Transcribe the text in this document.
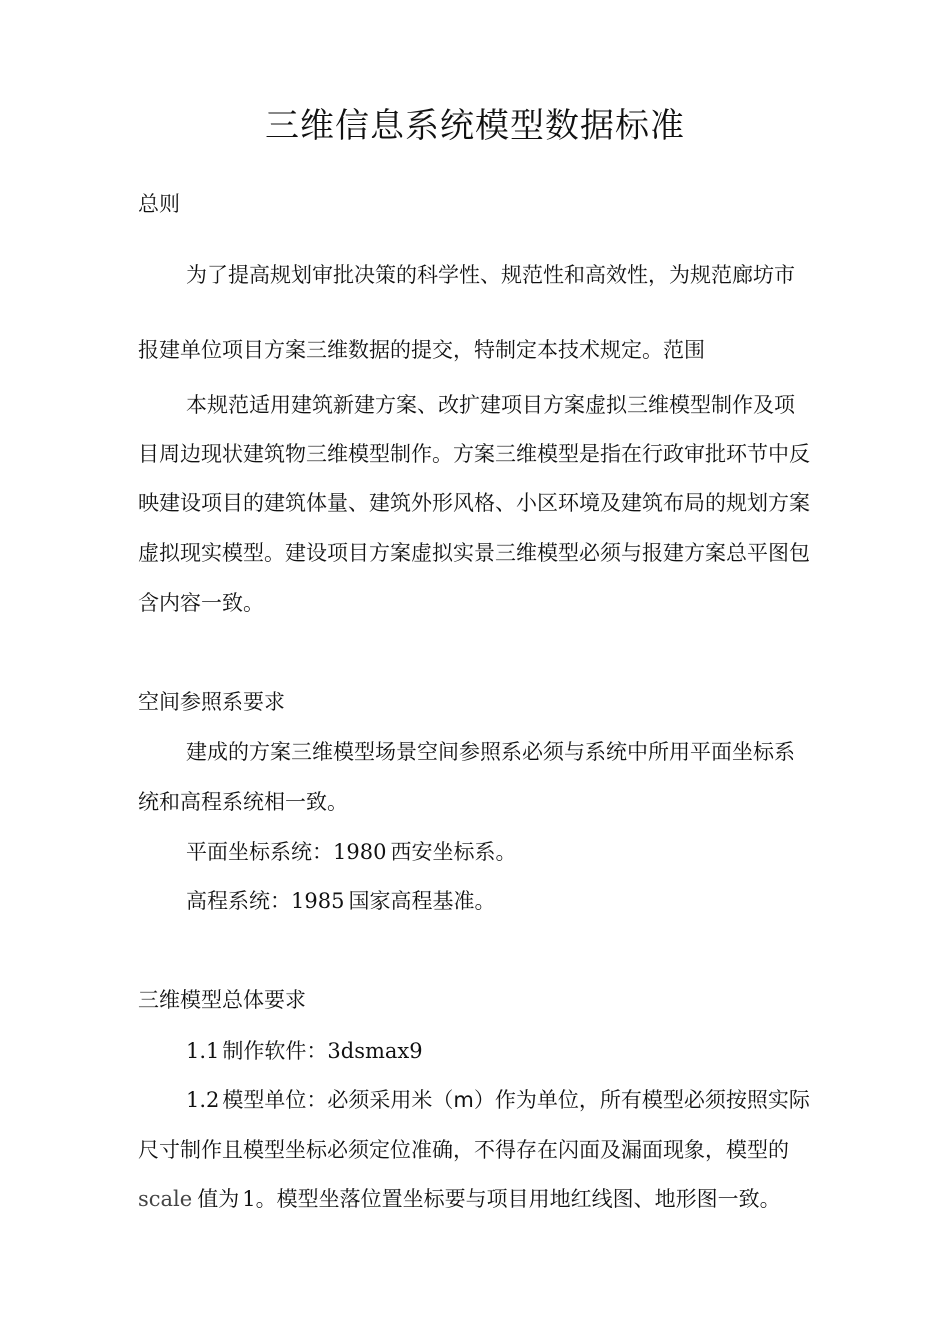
三维信息系统模型数据标准
总则
为了提高规划审批决策的科学性、规范性和高效性，为规范廊坊市
报建单位项目方案三维数据的提交，特制定本技术规定。范围
本规范适用建筑新建方案、改扩建项目方案虚拟三维模型制作及项
目周边现状建筑物三维模型制作。方案三维模型是指在行政审批环节中反
映建设项目的建筑体量、建筑外形风格、小区环境及建筑布局的规划方案
虚拟现实模型。建设项目方案虚拟实景三维模型必须与报建方案总平图包
含内容一致。
空间参照系要求
建成的方案三维模型场景空间参照系必须与系统中所用平面坐标系
统和高程系统相一致。
平面坐标系统：1980 西安坐标系。
高程系统：1985 国家高程基准。
三维模型总体要求
1.1 制作软件：3dsmax9
1.2 模型单位：必须采用米（m）作为单位，所有模型必须按照实际
尺寸制作且模型坐标必须定位准确，不得存在闪面及漏面现象，模型的
scale 值为 1。模型坐落位置坐标要与项目用地红线图、地形图一致。
